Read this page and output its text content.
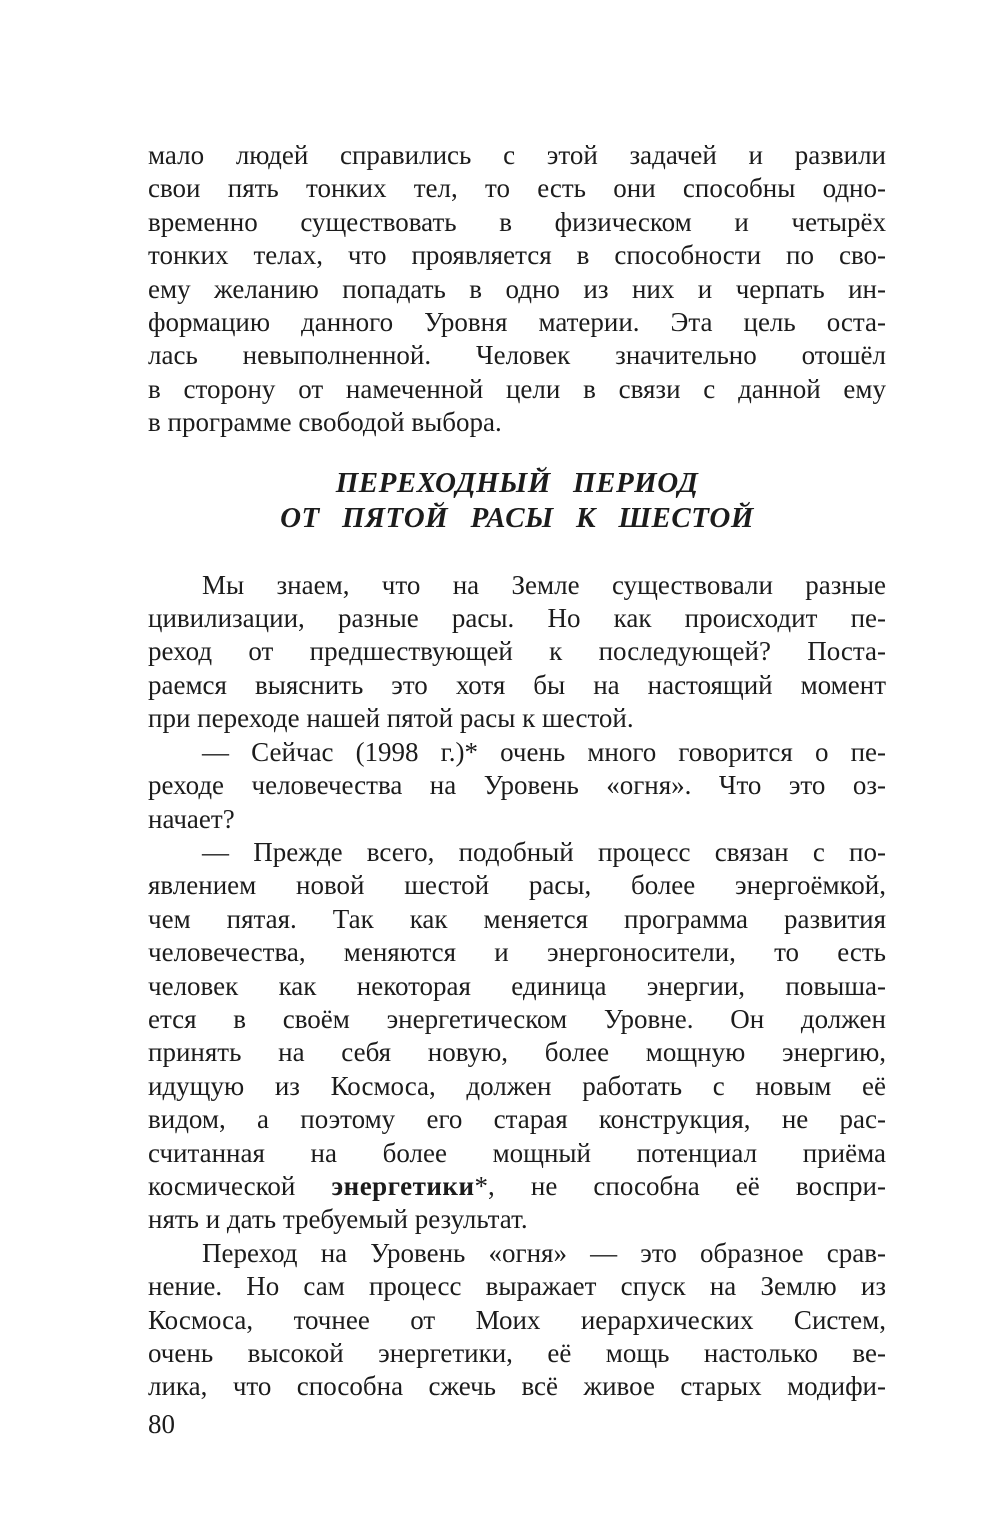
мало людей справились с этой задачей и развили
свои пять тонких тел, то есть они способны одно-
временно существовать в физическом и четырёх
тонких телах, что проявляется в способности по сво-
ему желанию попадать в одно из них и черпать ин-
формацию данного Уровня материи. Эта цель оста-
лась невыполненной. Человек значительно отошёл
в сторону от намеченной цели в связи с данной ему
в программе свободой выбора.
ПЕРЕХОДНЫЙ ПЕРИОД
ОТ ПЯТОЙ РАСЫ К ШЕСТОЙ
Мы знаем, что на Земле существовали разные
цивилизации, разные расы. Но как происходит пе-
реход от предшествующей к последующей? Поста-
раемся выяснить это хотя бы на настоящий момент
при переходе нашей пятой расы к шестой.
— Сейчас (1998 г.)* очень много говорится о пе-
реходе человечества на Уровень «огня». Что это оз-
начает?
— Прежде всего, подобный процесс связан с по-
явлением новой шестой расы, более энергоёмкой,
чем пятая. Так как меняется программа развития
человечества, меняются и энергоносители, то есть
человек как некоторая единица энергии, повыша-
ется в своём энергетическом Уровне. Он должен
принять на себя новую, более мощную энергию,
идущую из Космоса, должен работать с новым её
видом, а поэтому его старая конструкция, не рас-
считанная на более мощный потенциал приёма
космической энергетики*, не способна её воспри-
нять и дать требуемый результат.
Переход на Уровень «огня» — это образное срав-
нение. Но сам процесс выражает спуск на Землю из
Космоса, точнее от Моих иерархических Систем,
очень высокой энергетики, её мощь настолько ве-
лика, что способна сжечь всё живое старых модифи-
80
